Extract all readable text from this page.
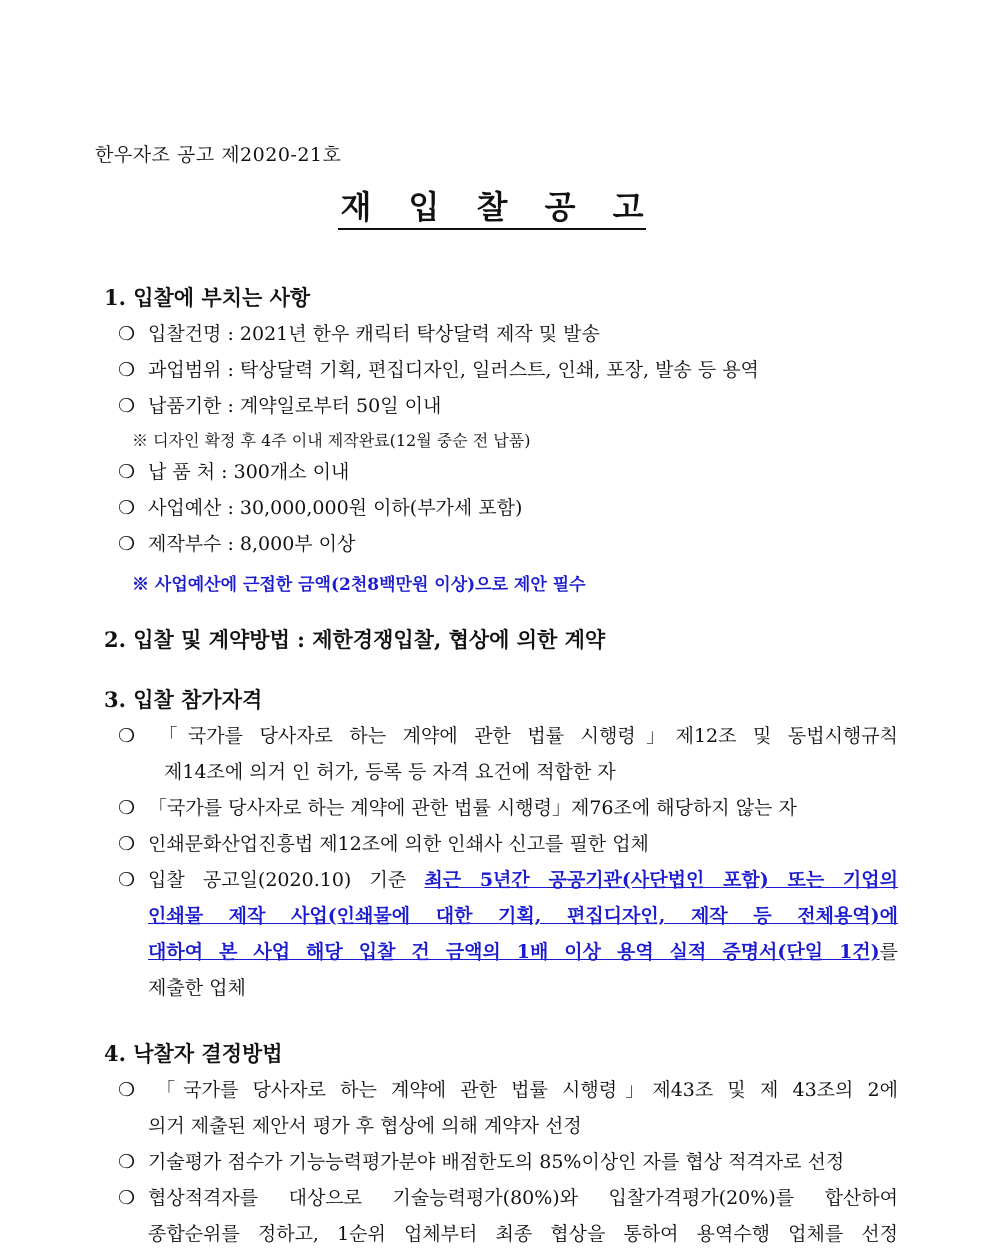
한우자조 공고 제2020-21호
재 입 찰 공 고
1. 입찰에 부치는 사항
❍ 입찰건명 : 2021년 한우 캐릭터 탁상달력 제작 및 발송
❍ 과업범위 : 탁상달력 기획, 편집디자인, 일러스트, 인쇄, 포장, 발송 등 용역
❍ 납품기한 : 계약일로부터 50일 이내
※ 디자인 확정 후 4주 이내 제작완료(12월 중순 전 납품)
❍ 납 품 처 : 300개소 이내
❍ 사업예산 : 30,000,000원 이하(부가세 포함)
❍ 제작부수 : 8,000부 이상
※ 사업예산에 근접한 금액(2천8백만원 이상)으로 제안 필수
2. 입찰 및 계약방법 : 제한경쟁입찰, 협상에 의한 계약
3. 입찰 참가자격
❍ 「국가를 당사자로 하는 계약에 관한 법률 시행령」제12조 및 동법시행규칙
제14조에 의거 인 허가, 등록 등 자격 요건에 적합한 자
❍ 「국가를 당사자로 하는 계약에 관한 법률 시행령」제76조에 해당하지 않는 자
❍ 인쇄문화산업진흥법 제12조에 의한 인쇄사 신고를 필한 업체
❍ 입찰 공고일(2020.10) 기준 최근 5년간 공공기관(사단법인 포함) 또는 기업의
인쇄물 제작 사업(인쇄물에 대한 기획, 편집디자인, 제작 등 전체용역)에
대하여 본 사업 해당 입찰 건 금액의 1배 이상 용역 실적 증명서(단일 1건)를
제출한 업체
4. 낙찰자 결정방법
❍ 「국가를 당사자로 하는 계약에 관한 법률 시행령」제43조 및 제 43조의 2에
의거 제출된 제안서 평가 후 협상에 의해 계약자 선정
❍ 기술평가 점수가 기능능력평가분야 배점한도의 85%이상인 자를 협상 적격자로 선정
❍ 협상적격자를 대상으로 기술능력평가(80%)와 입찰가격평가(20%)를 합산하여
종합순위를 정하고, 1순위 업체부터 최종 협상을 통하여 용역수행 업체를 선정
